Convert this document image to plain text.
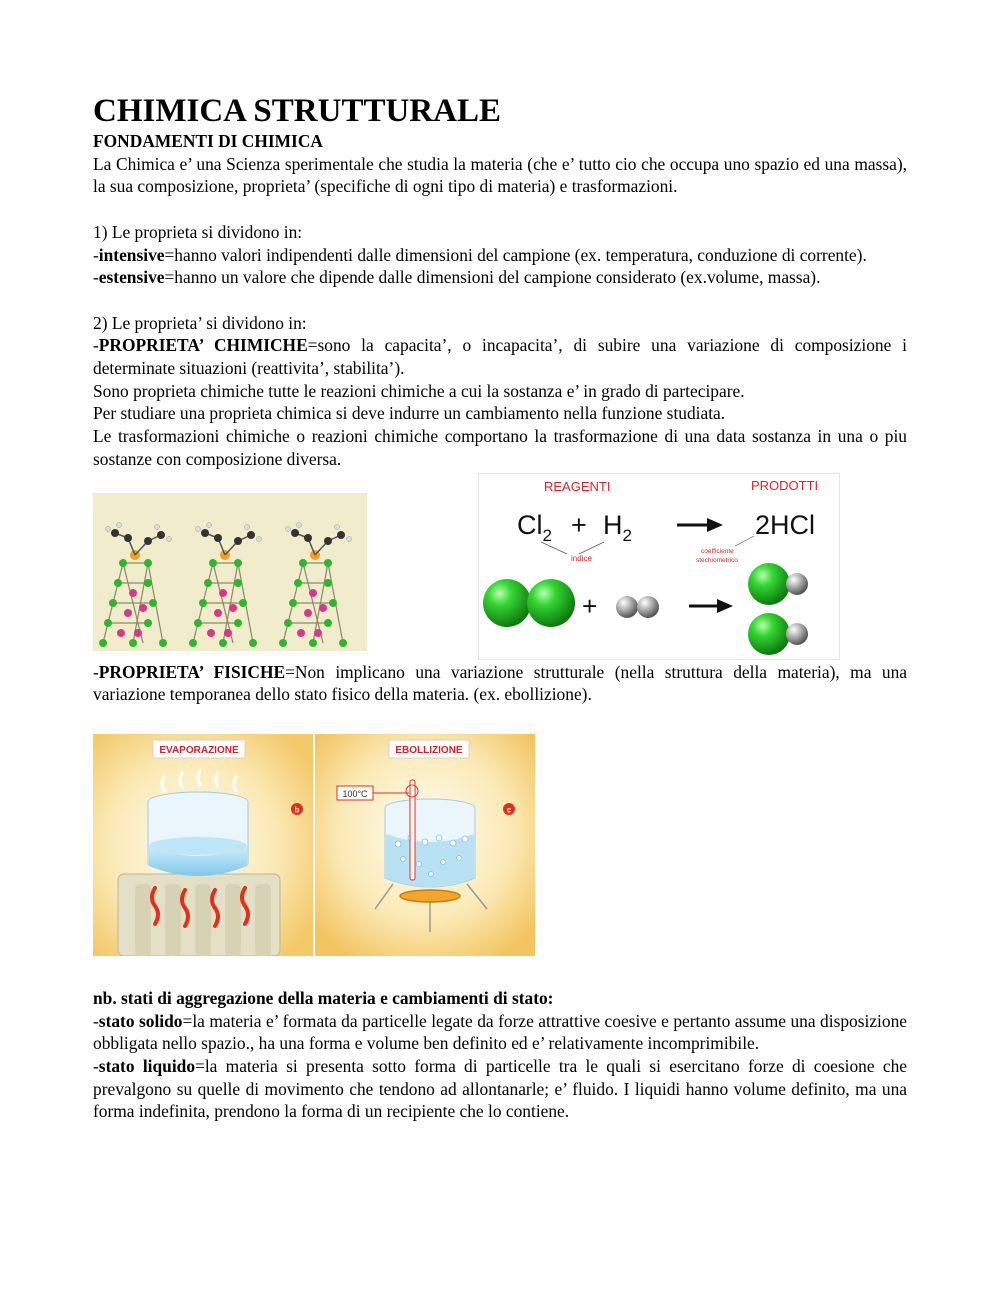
CHIMICA STRUTTURALE
FONDAMENTI DI CHIMICA

La Chimica e’ una Scienza sperimentale che studia la materia (che e’ tutto cio che occupa uno spazio ed una massa), la sua composizione, proprieta’ (specifiche di ogni tipo di materia) e trasformazioni.

1) Le proprieta si dividono in:

-intensive=hanno valori indipendenti dalle dimensioni del campione (ex. temperatura, conduzione di corrente).

-estensive=hanno un valore che dipende dalle dimensioni del campione considerato (ex.volume, massa).

2) Le proprieta’ si dividono in:

-PROPRIETA’ CHIMICHE=sono la capacita’, o incapacita’, di subire una variazione di composizione i determinate situazioni (reattivita’, stabilita’).

Sono proprieta chimiche tutte le reazioni chimiche a cui la sostanza e’ in grado di partecipare.

Per studiare una proprieta chimica si deve indurre un cambiamento nella funzione studiata.

Le trasformazioni chimiche o reazioni chimiche comportano la trasformazione di una data sostanza in una o piu sostanze con composizione diversa.

REAGENTI	PRODOTTI
$Cl_2 + H_2$	2HCl
indice
coefficiente
stechiometrico
+

-PROPRIETA’ FISICHE=Non implicano una variazione strutturale (nella struttura della materia), ma una variazione temporanea dello stato fisico della materia. (ex. ebollizione).

EVAPORAZIONE	EBOLLIZIONE
b
100°C
c

nb. stati di aggregazione della materia e cambiamenti di stato:

-stato solido=la materia e’ formata da particelle legate da forze attrattive coesive e pertanto assume una disposizione obbligata nello spazio., ha una forma e volume ben definito ed e’ relativamente incomprimibile.

-stato liquido=la materia si presenta sotto forma di particelle tra le quali si esercitano forze di coesione che prevalgono su quelle di movimento che tendono ad allontanarle; e’ fluido. I liquidi hanno volume definito, ma una forma indefinita, prendono la forma di un recipiente che lo contiene.
